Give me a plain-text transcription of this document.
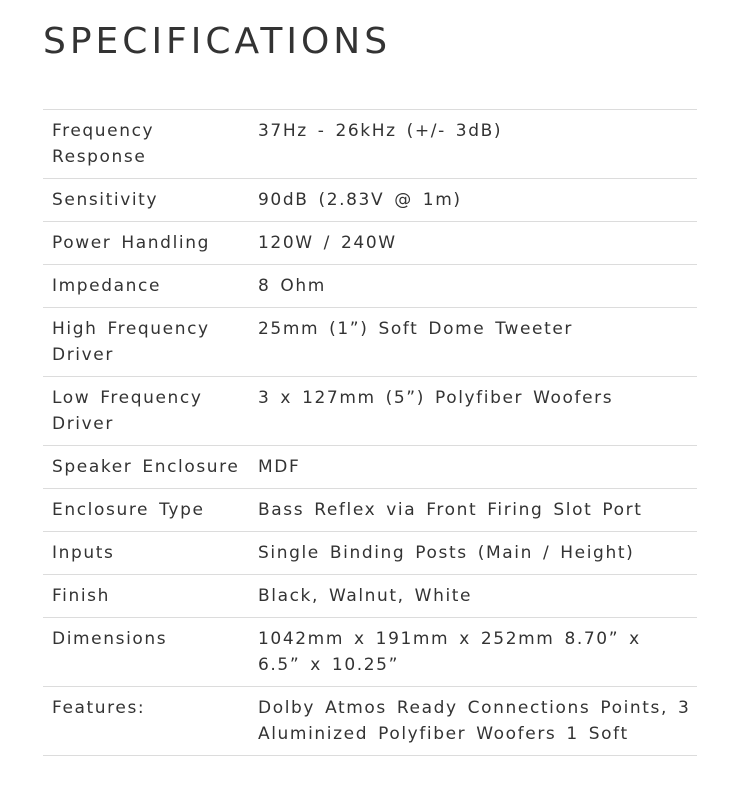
SPECIFICATIONS
Frequency Response	37Hz - 26kHz (+/- 3dB)
Sensitivity	90dB (2.83V @ 1m)
Power Handling	120W / 240W
Impedance	8 Ohm
High Frequency Driver	25mm (1”) Soft Dome Tweeter
Low Frequency Driver	3 x 127mm (5”) Polyfiber Woofers
Speaker Enclosure	MDF
Enclosure Type	Bass Reflex via Front Firing Slot Port
Inputs	Single Binding Posts (Main / Height)
Finish	Black, Walnut, White
Dimensions	1042mm x 191mm x 252mm 8.70” x 6.5” x 10.25”
Features:	Dolby Atmos Ready Connections Points, 3 Aluminized Polyfiber Woofers 1 Soft
